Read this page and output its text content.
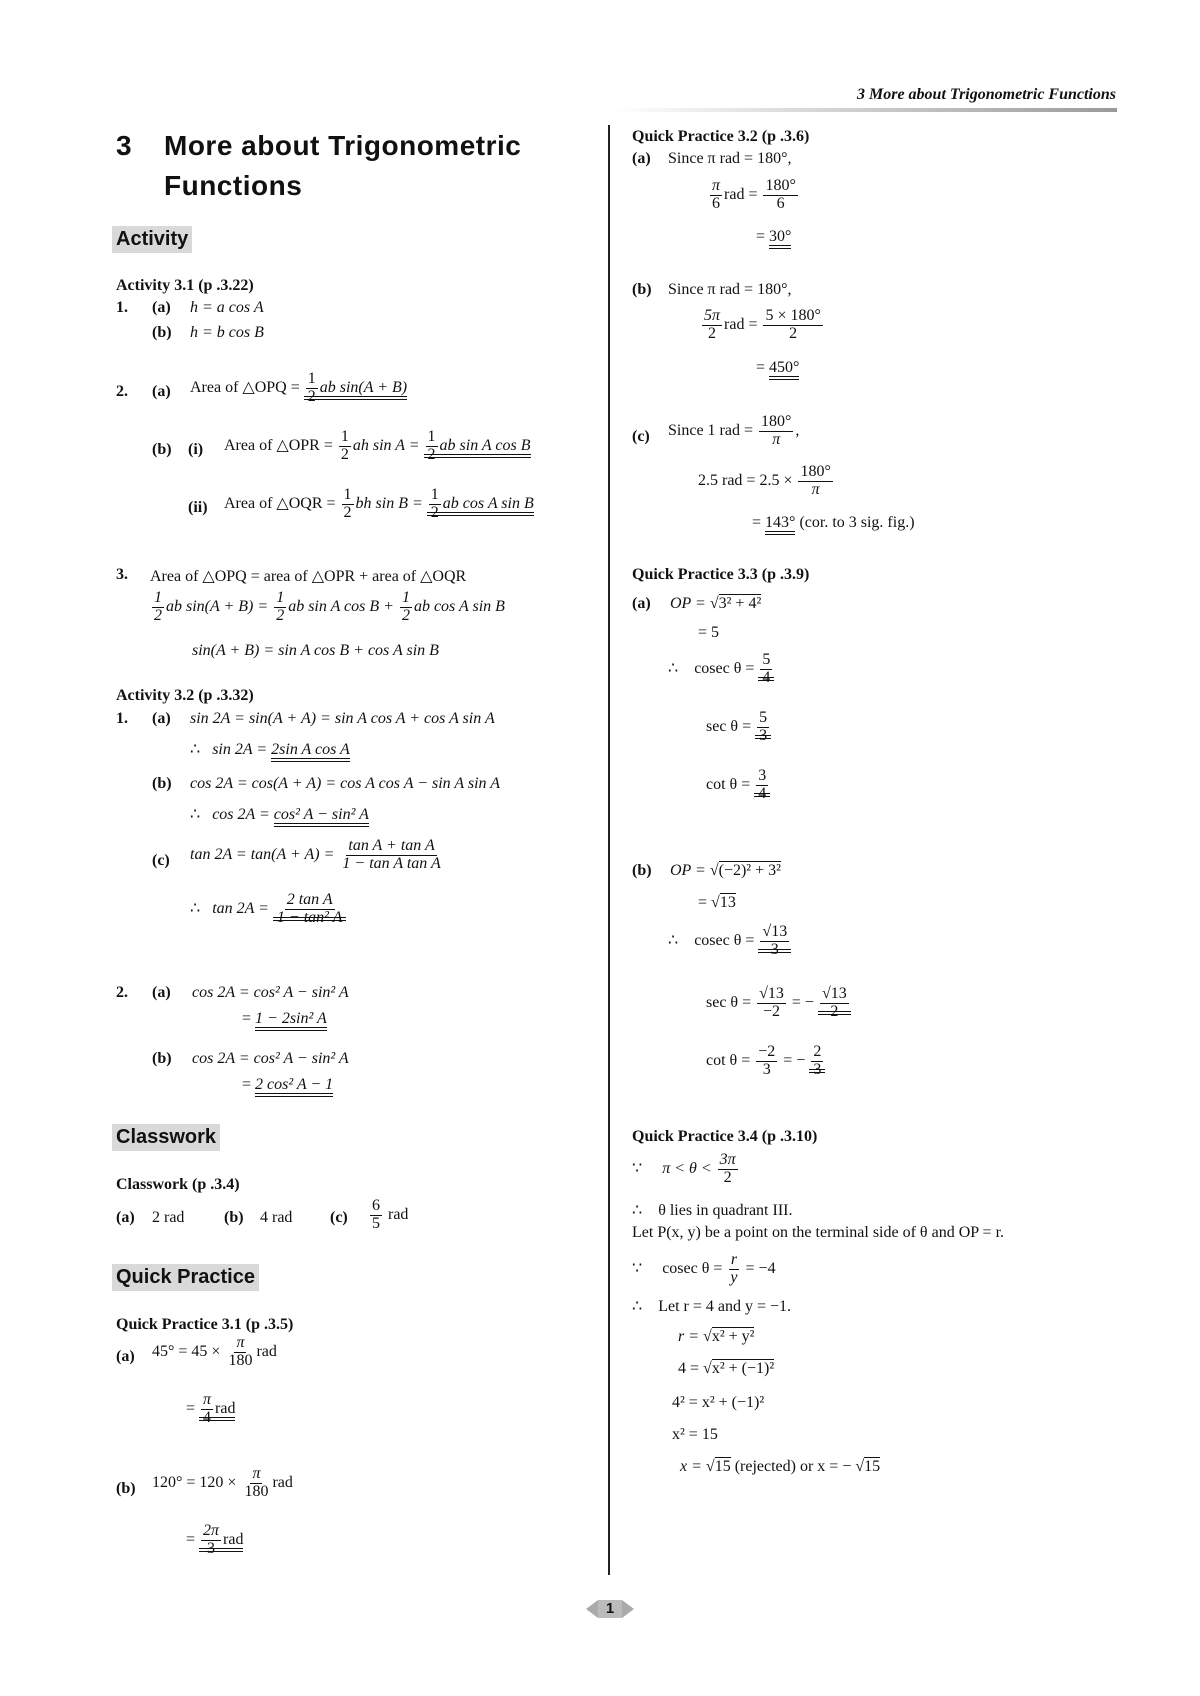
3 More about Trigonometric Functions
3 More about Trigonometric
Functions
Activity
Activity 3.1 (p .3.22)
1. (a) h = a cos A
(b) h = b cos B
2. (a) Area of △OPQ = $\frac{1}{2}$ ab sin(A + B)
(b) (i) Area of △OPR = $\frac{1}{2}$ ah $\sin A = \frac{1}{2}$ ab sin A cos B
(ii) Area of △OQR = $\frac{1}{2}$ bh $\sin B = \frac{1}{2}$ ab cos A sin B
3. Area of △OPQ = area of △OPR + area of △OQR
$\frac{1}{2}$ ab $\sin(A + B) = \frac{1}{2}$ ab sin A $\cos B + \frac{1}{2}$ ab cos A sin B
sin(A + B) = sin A cos B + cos A sin B
Activity 3.2 (p .3.32)
1. (a) sin 2A = sin(A + A) = sin A cos A + cos A sin A
∴ sin 2A = 2sin A cos A
(b) cos 2A = cos(A + A) = cos A cos A − sin A sin A
∴ cos 2A = cos² A − sin² A
(c) $\tan 2A = \tan(A + A) = \frac{\text{tan A + tan A}}{\text{1 − tan A tan A}}$
∴ $\tan 2A = \frac{\text{2 tan A}}{\text{1 − tan² A}}$
2. (a) cos 2A = cos² A − sin² A
= 1 − 2sin² A
(b) cos 2A = cos² A − sin² A
= 2 cos² A − 1
Classwork
Classwork (p .3.4)
(a) 2 rad (b) 4 rad $(c) \frac{6}{5}$ rad
Quick Practice
Quick Practice 3.1 (p .3.5)
(a) $45^\circ = 45 \times \frac{\pi}{180}$ rad
= $\frac{\pi}{4}$ rad
(b) $120^\circ = 120 \times \frac{\pi}{180}$ rad
= $\frac{2\pi}{3}$ rad
Quick Practice 3.2 (p .3.6)
(a) Since π rad = 180°,
$\frac{\pi}{6}$ rad = $\frac{180^\circ}{6}$
= 30°
(b) Since π rad = 180°,
$\frac{5\pi}{2}$ rad = $\frac{5 \times 180^\circ}{2}$
= 450°
(c) Since 1 rad = $\frac{180^\circ}{\pi}$ ,
2.5 rad = $2.5 \times \frac{180^\circ}{\pi}$
= 143° (cor. to 3 sig. fig.)
Quick Practice 3.3 (p .3.9)
(a) OP = √3² + 4²
= 5
∴ cosec $\theta = \frac{5}{4}$
$\sec \theta = \frac{5}{3}$
$\cot \theta = \frac{3}{4}$
(b) OP = √(−2)² + 3²
= √13
∴ cosec $\theta = \frac{√13}{3}$
$\sec \theta = \frac{√13}{-2}$ = − $\frac{√13}{2}$
$\cot \theta = \frac{-2}{3}$ = − $\frac{2}{3}$
Quick Practice 3.4 (p .3.10)
∵ $\pi < \theta < \frac{3\pi}{2}$
∴ θ lies in quadrant III.
Let P(x, y) be a point on the terminal side of θ and OP = r.
∵ cosec $\theta = \frac{r}{y} = -4$
∴ Let r = 4 and y = −1.
r = √x² + y²
4 = √x² + (−1)²
4² = x² + (−1)²
x² = 15
x = √15 (rejected) or x = − √15
1
